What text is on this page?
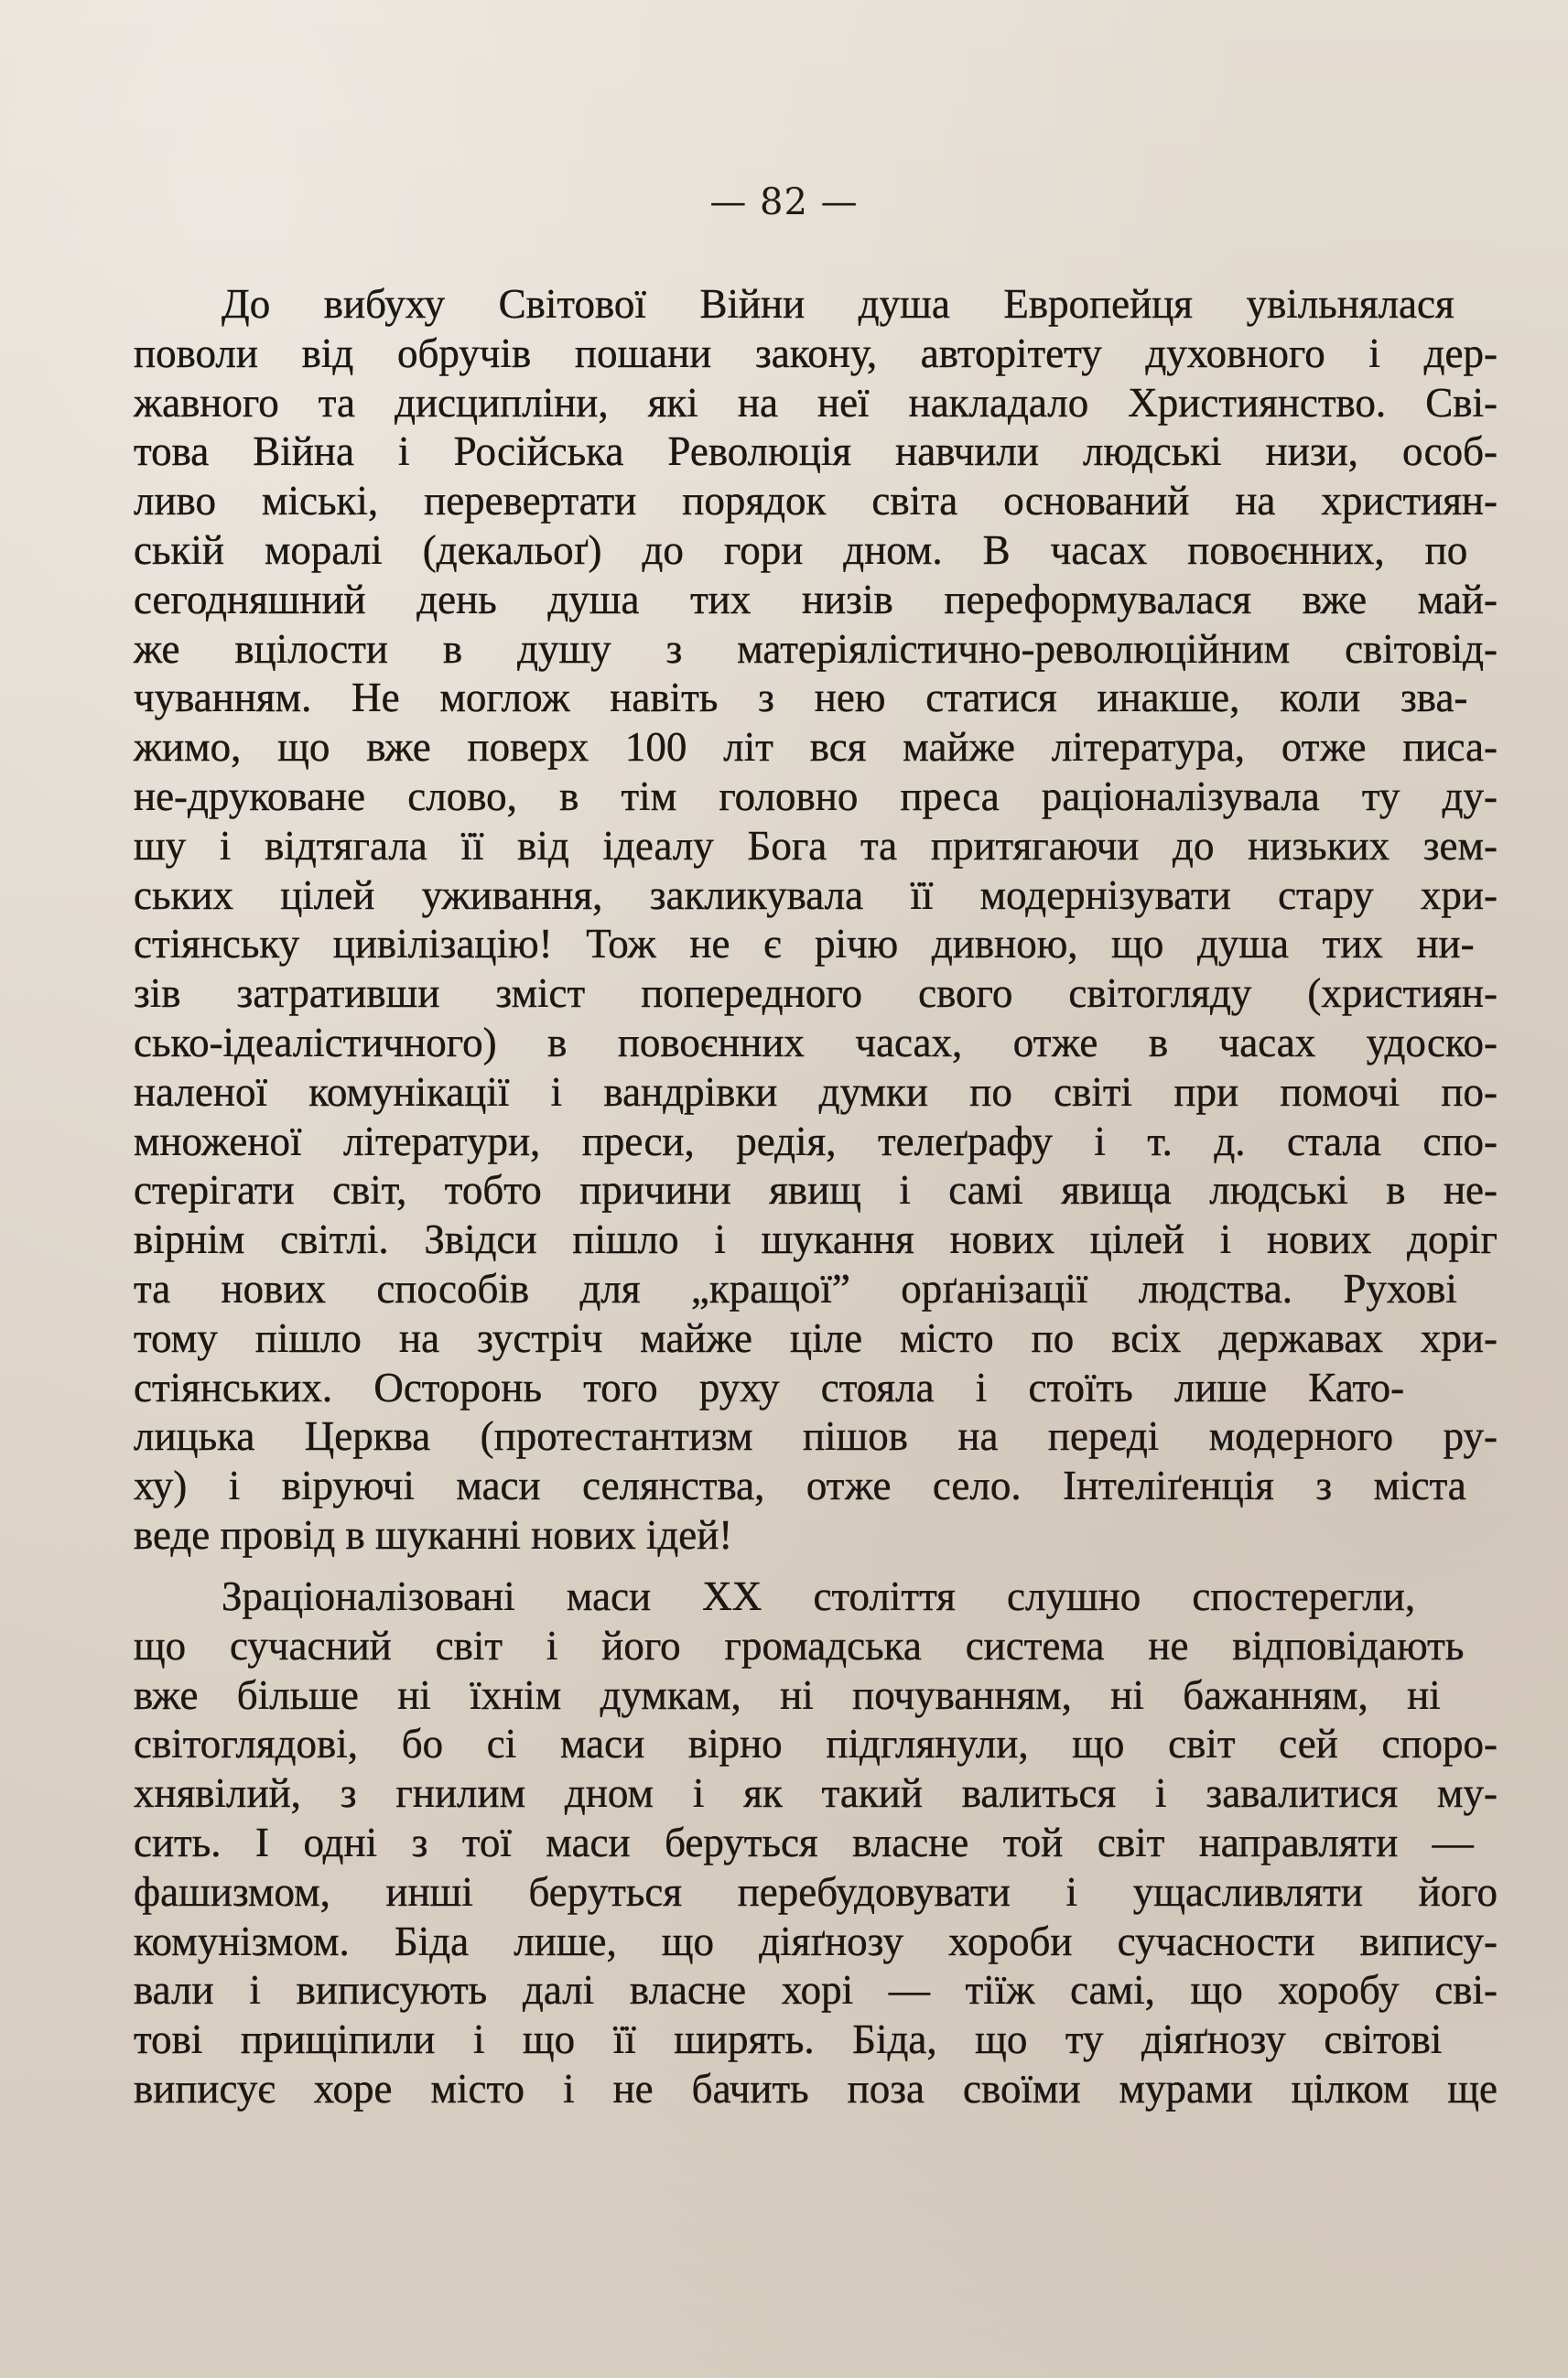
— 82 —
До вибуху Світової Війни душа Европейця увільнялася
поволи від обручів пошани закону, авторітету духовного і дер-
жавного та дисципліни, які на неї накладало Християнство. Сві-
това Війна і Російська Революція навчили людські низи, особ-
ливо міські, перевертати порядок світа оснований на християн-
ській моралі (декальоґ) до гори дном. В часах повоєнних, по
сегодняшний день душа тих низів переформувалася вже май-
же вцілости в душу з матеріялістично-революційним світовід-
чуванням. Не моглож навіть з нею статися инакше, коли зва-
жимо, що вже поверх 100 літ вся майже література, отже писа-
не-друковане слово, в тім головно преса раціоналізувала ту ду-
шу і відтягала її від ідеалу Бога та притягаючи до низьких зем-
ських цілей уживання, закликувала її модернізувати стару хри-
стіянську цивілізацію! Тож не є річю дивною, що душа тих ни-
зів затративши зміст попередного свого світогляду (християн-
сько-ідеалістичного) в повоєнних часах, отже в часах удоско-
наленої комунікації і вандрівки думки по світі при помочі по-
множеної літератури, преси, редія, телеґрафу і т. д. стала спо-
стерігати світ, тобто причини явищ і самі явища людські в не-
вірнім світлі. Звідси пішло і шукання нових цілей і нових доріг
та нових способів для „кращої” орґанізації людства. Рухові
тому пішло на зустріч майже ціле місто по всіх державах хри-
стіянських. Осторонь того руху стояла і стоїть лише Като-
лицька Церква (протестантизм пішов на переді модерного ру-
ху) і віруючі маси селянства, отже село. Інтеліґенція з міста
веде провід в шуканні нових ідей!
Зраціоналізовані маси XX століття слушно спостерегли,
що сучасний світ і його громадська система не відповідають
вже більше ні їхнім думкам, ні почуванням, ні бажанням, ні
світоглядові, бо сі маси вірно підглянули, що світ сей спорo-
хнявілий, з гнилим дном і як такий валиться і завалитися му-
сить. І одні з тої маси беруться власне той світ направляти —
фашизмом, инші беруться перебудовувати і ущасливляти його
комунізмом. Біда лише, що діяґнозу хороби сучасности випису-
вали і виписують далі власне хорі — тіїж самі, що хоробу сві-
тові прищіпили і що її ширять. Біда, що ту діяґнозу світові
виписує хоре місто і не бачить поза своїми мурами цілком ще
